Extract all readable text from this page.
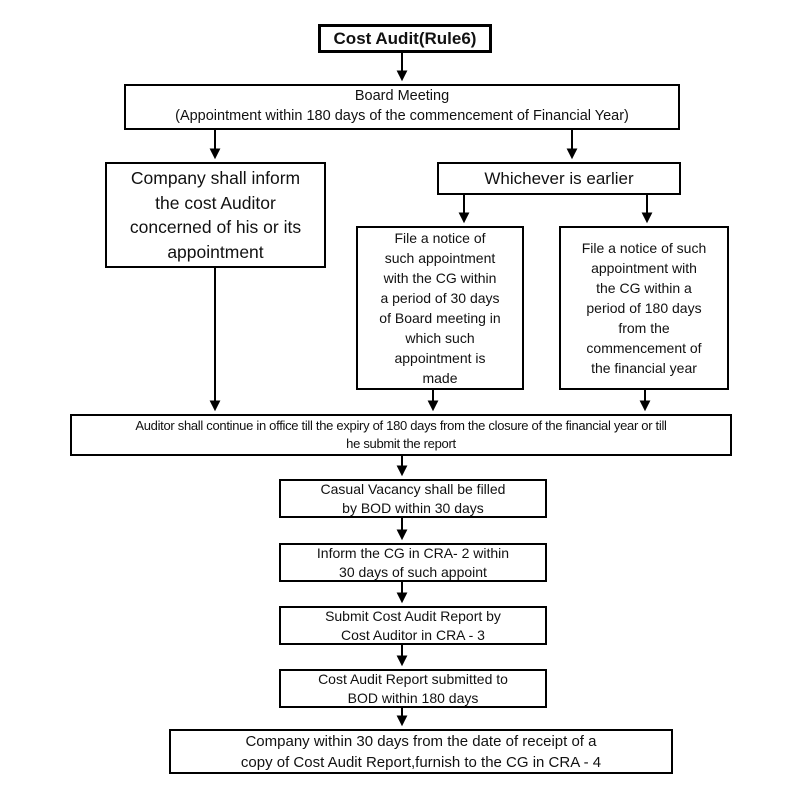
Cost Audit(Rule6)
Board Meeting
(Appointment within 180 days of the commencement of Financial Year)
Company shall inform
the cost Auditor
concerned of his or its
appointment
Whichever is earlier
File a notice of
such appointment
with the CG within
a period of 30 days
of Board meeting in
which such
appointment is
made
File a notice of such
appointment with
the CG within a
period of 180 days
from the
commencement of
the financial year
Auditor shall continue in office till the expiry of 180 days from the closure of the financial year or till
he submit the report
Casual Vacancy shall be filled
by BOD within 30 days
Inform the CG in CRA- 2 within
30 days of such appoint
Submit Cost Audit Report by
Cost Auditor in CRA - 3
Cost Audit Report submitted to
BOD within 180 days
Company within 30 days from the date of receipt of a
copy of Cost Audit Report,furnish to the CG in CRA - 4
